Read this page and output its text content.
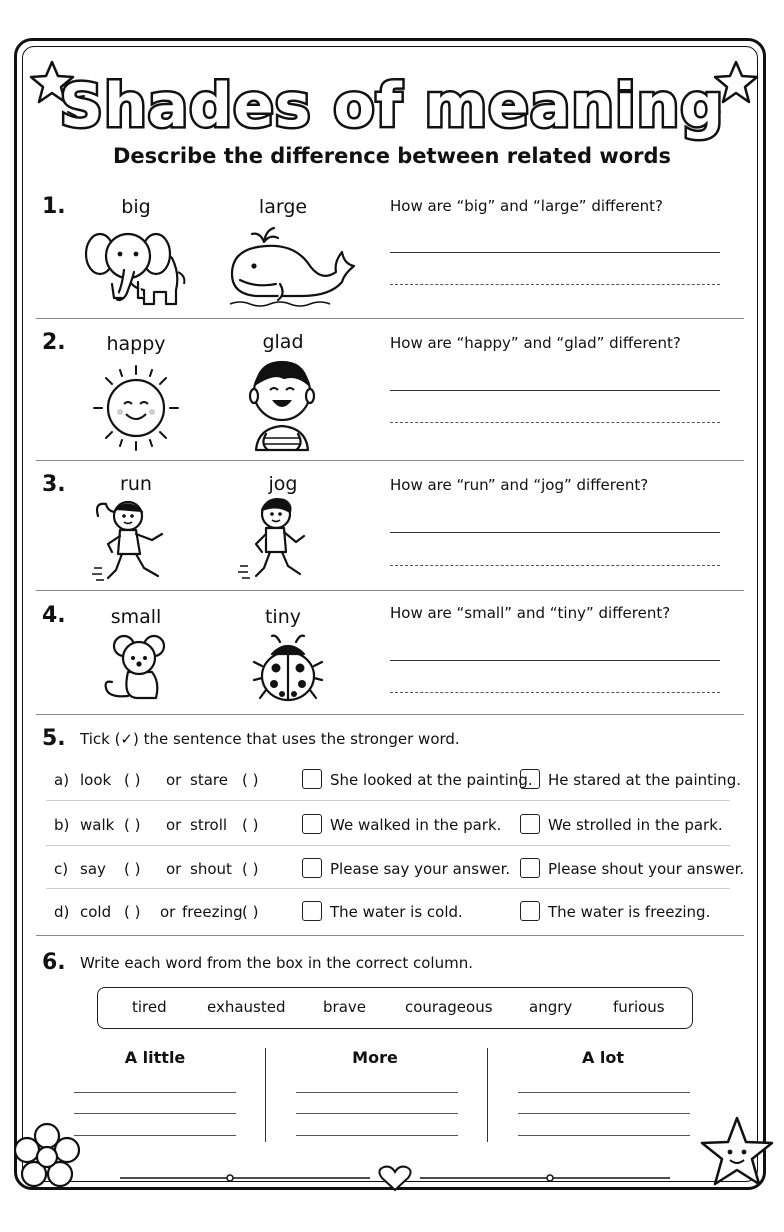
Shades of meaning
Describe the difference between related words
1.	big	large	How are “big” and “large” different?
2.	happy	glad	How are “happy” and “glad” different?
3.	run	jog	How are “run” and “jog” different?
4.	small	tiny	How are “small” and “tiny” different?
5. Tick (✓) the sentence that uses the stronger word.
a) look ( ) or stare ( )	She looked at the painting. He stared at the painting.
b) walk ( ) or stroll ( )	We walked in the park.	We strolled in the park.
c) say ( ) or shout ( )	Please say your answer.	Please shout your answer.
d) cold ( ) or freezing ( )	The water is cold.	The water is freezing.
6. Write each word from the box in the correct column.
tired	exhausted	brave	courageous angry	furious
A little	More	A lot
